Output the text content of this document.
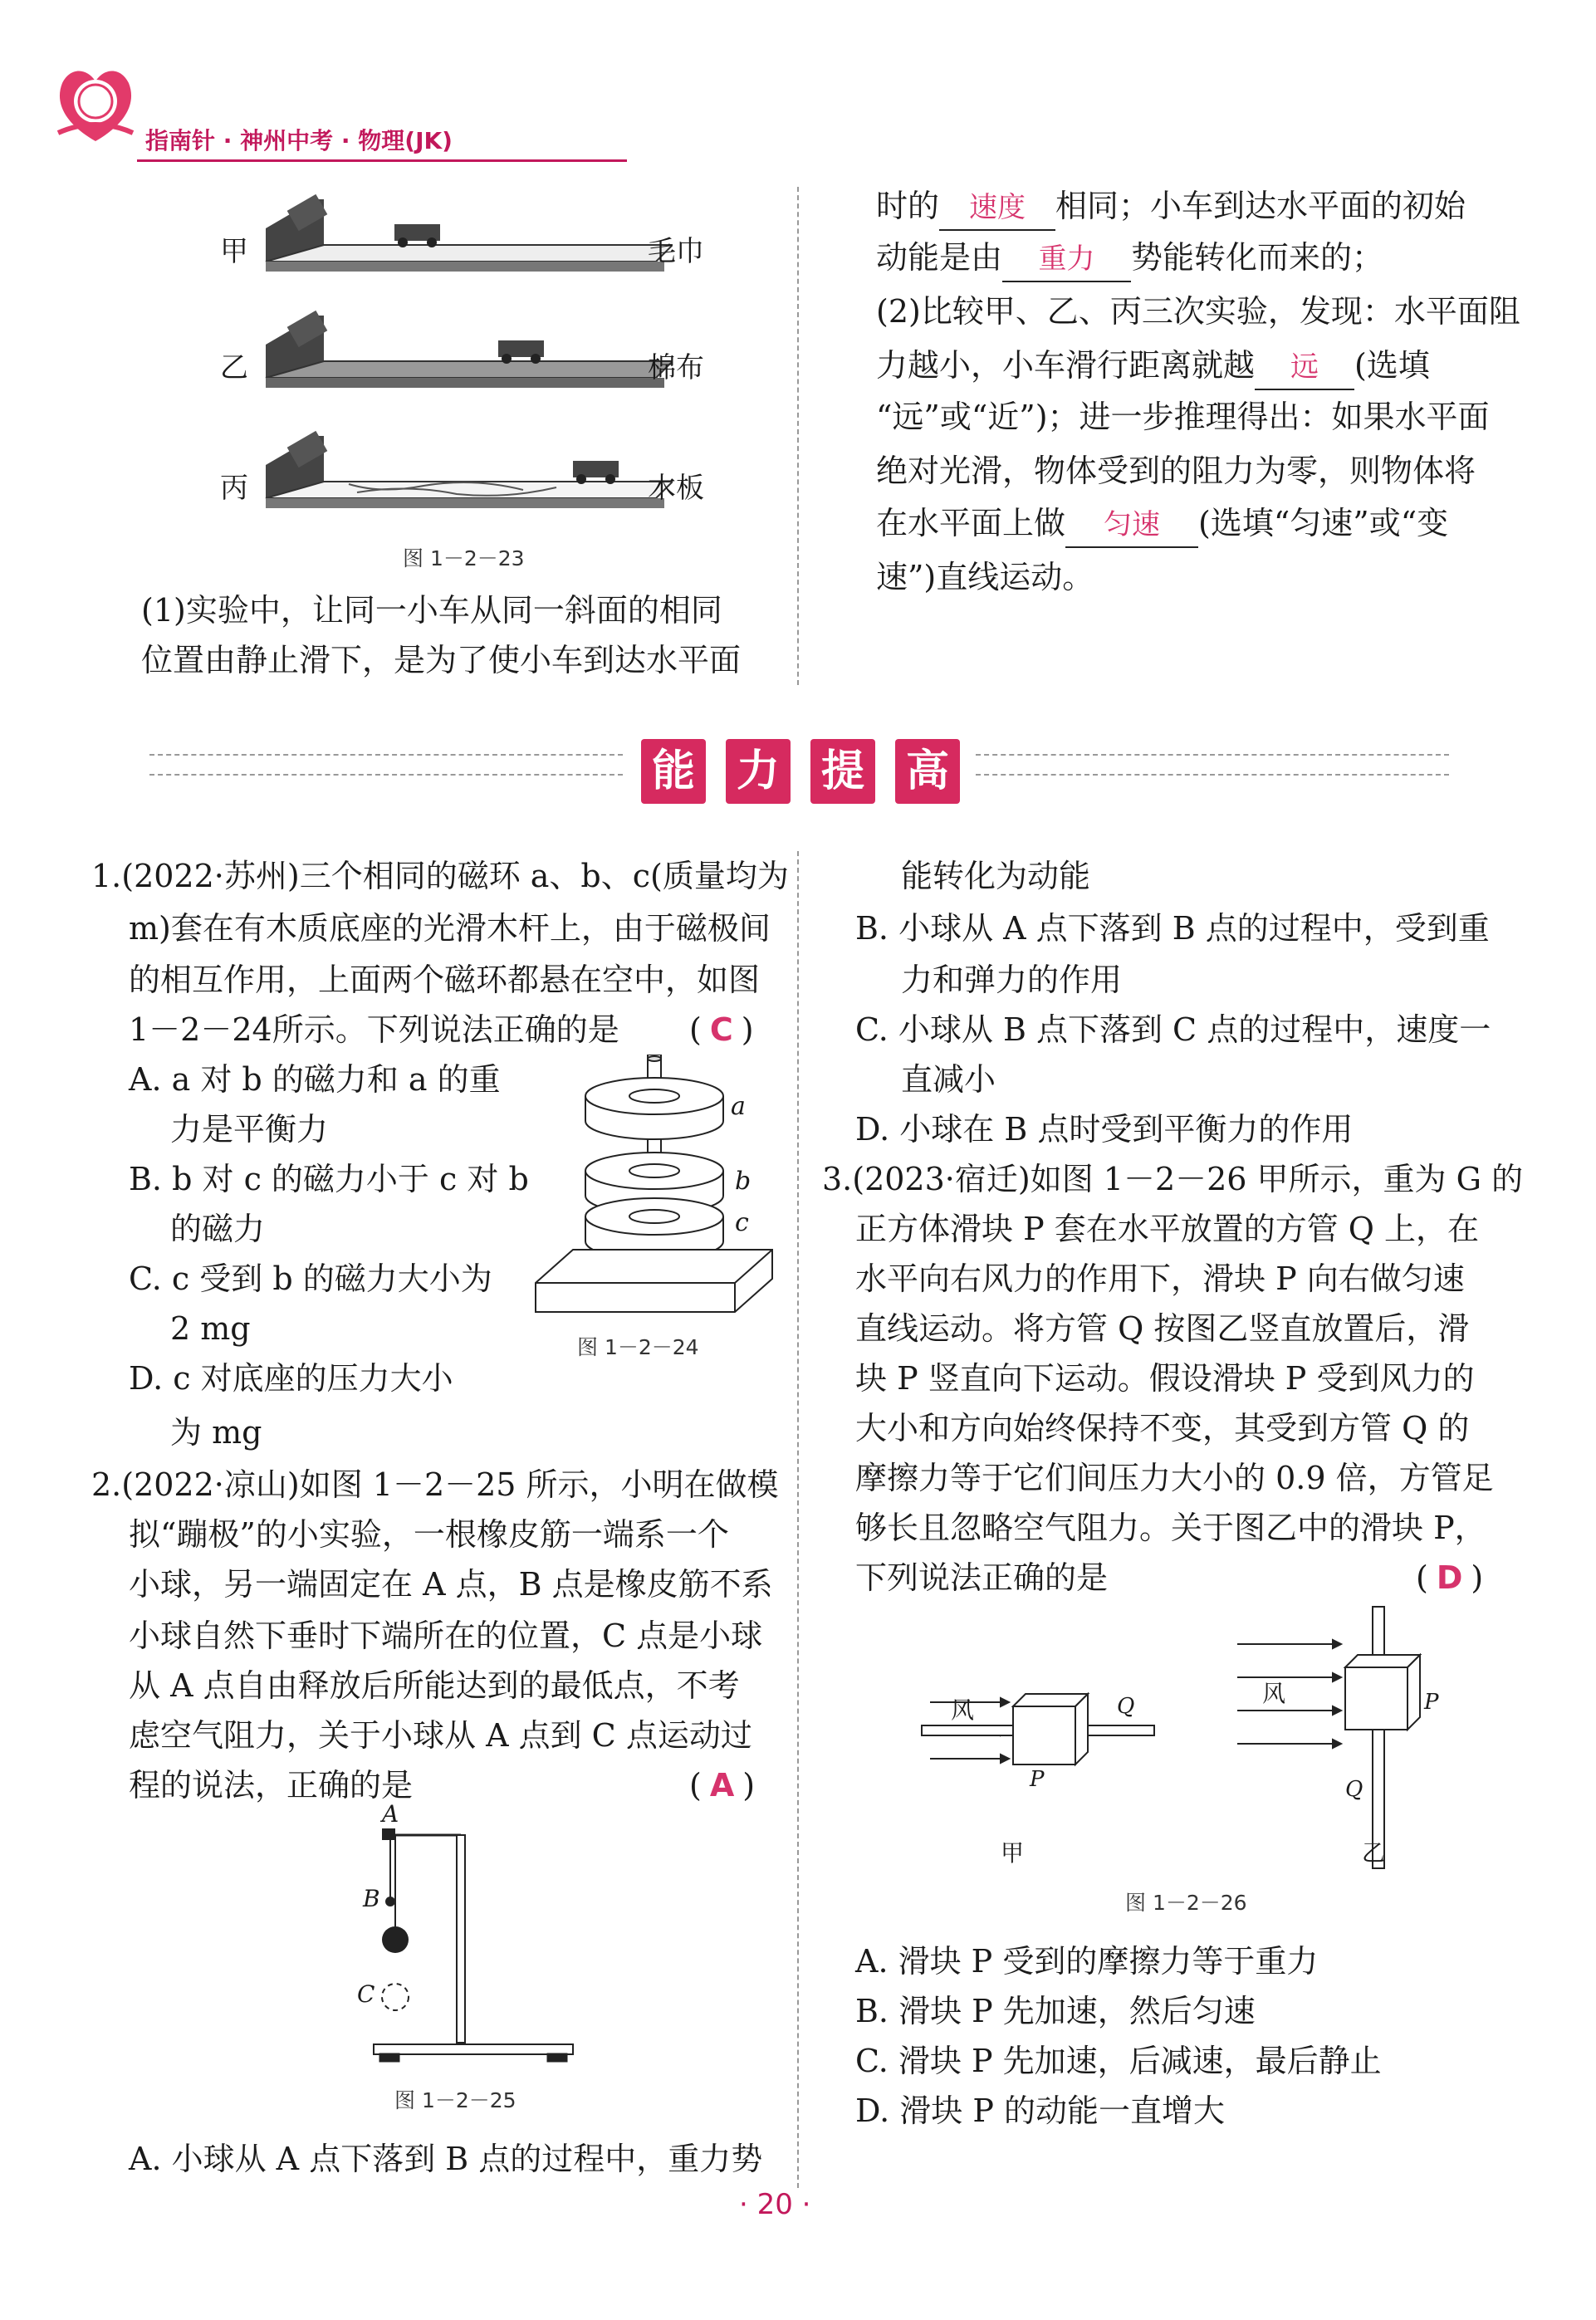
指南针 · 神州中考 · 物理(JK)
甲	毛巾
乙	棉布
丙	木板
图 1－2－23
(1)实验中，让同一小车从同一斜面的相同
位置由静止滑下，是为了使小车到达水平面
时的 速度 相同；小车到达水平面的初始
动能是由 重力 势能转化而来的；
(2)比较甲、乙、丙三次实验，发现：水平面阻
力越小，小车滑行距离就越 远 (选填
“远”或“近”)；进一步推理得出：如果水平面
绝对光滑，物体受到的阻力为零，则物体将
在水平面上做 匀速 (选填“匀速”或“变
速”)直线运动。
能 力 提 高
1.(2022·苏州)三个相同的磁环 a、b、c(质量均为
m)套在有木质底座的光滑木杆上，由于磁极间
的相互作用，上面两个磁环都悬在空中，如图
1－2－24所示。下列说法正确的是 ( C )
A. a 对 b 的磁力和 a 的重
力是平衡力
B. b 对 c 的磁力小于 c 对 b
的磁力
C. c 受到 b 的磁力大小为
2 mg
D. c 对底座的压力大小
为 mg
a
b
c
图 1－2－24
2.(2022·凉山)如图 1－2－25 所示，小明在做模
拟“蹦极”的小实验，一根橡皮筋一端系一个
小球，另一端固定在 A 点，B 点是橡皮筋不系
小球自然下垂时下端所在的位置，C 点是小球
从 A 点自由释放后所能达到的最低点，不考
虑空气阻力，关于小球从 A 点到 C 点运动过
程的说法，正确的是	( A )
A
B
C
图 1－2－25
A. 小球从 A 点下落到 B 点的过程中，重力势
能转化为动能
B. 小球从 A 点下落到 B 点的过程中，受到重
力和弹力的作用
C. 小球从 B 点下落到 C 点的过程中，速度一
直减小
D. 小球在 B 点时受到平衡力的作用
3.(2023·宿迁)如图 1－2－26 甲所示，重为 G 的
正方体滑块 P 套在水平放置的方管 Q 上，在
水平向右风力的作用下，滑块 P 向右做匀速
直线运动。将方管 Q 按图乙竖直放置后，滑
块 P 竖直向下运动。假设滑块 P 受到风力的
大小和方向始终保持不变，其受到方管 Q 的
摩擦力等于它们间压力大小的 0.9 倍，方管足
够长且忽略空气阻力。关于图乙中的滑块 P，
下列说法正确的是	( D )
风	Q
P
甲
风	P
Q
乙
图 1－2－26
A. 滑块 P 受到的摩擦力等于重力
B. 滑块 P 先加速，然后匀速
C. 滑块 P 先加速，后减速，最后静止
D. 滑块 P 的动能一直增大
· 20 ·
